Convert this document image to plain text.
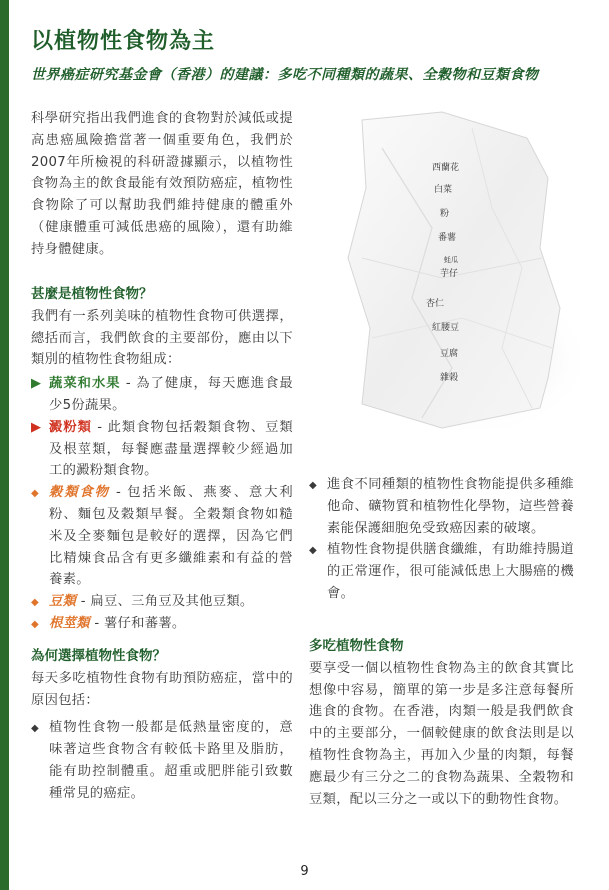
以植物性食物為主
世界癌症研究基金會（香港）的建議：多吃不同種類的蔬果、全穀物和豆類食物

科學研究指出我們進食的食物對於減低或提高患癌風險擔當著一個重要角色，我們於 2007年所檢視的科研證據顯示，以植物性食物為主的飲食最能有效預防癌症，植物性食物除了可以幫助我們維持健康的體重外（健康體重可減低患癌的風險），還有助維持身體健康。

甚麼是植物性食物？

我們有一系列美味的植物性食物可供選擇，總括而言，我們飲食的主要部份，應由以下類別的植物性食物組成：

▶ 蔬菜和水果 - 為了健康，每天應進食最少5份蔬果。
▶ 澱粉類 - 此類食物包括穀類食物、豆類及根莖類，每餐應盡量選擇較少經過加工的澱粉類食物。
◆ 穀類食物 - 包括米飯、燕麥、意大利粉、麵包及穀類早餐。全穀類食物如糙米及全麥麵包是較好的選擇，因為它們比精煉食品含有更多纖維素和有益的營養素。
◆ 豆類 - 扁豆、三角豆及其他豆類。
◆ 根莖類 - 薯仔和蕃薯。

為何選擇植物性食物？

每天多吃植物性食物有助預防癌症，當中的原因包括：

◆ 植物性食物一般都是低熱量密度的，意味著這些食物含有較低卡路里及脂肪，能有助控制體重。超重或肥胖能引致數種常見的癌症。
西蘭花
白菜
粉
番薯
蚝瓜
芋仔
杏仁
紅腰豆
豆腐
雜榖
◆ 進食不同種類的植物性食物能提供多種維他命、礦物質和植物性化學物，這些營養素能保護細胞免受致癌因素的破壞。
◆ 植物性食物提供膳食纖維，有助維持腸道的正常運作，很可能減低患上大腸癌的機會。

多吃植物性食物

要享受一個以植物性食物為主的飲食其實比想像中容易，簡單的第一步是多注意每餐所進食的食物。在香港，肉類一般是我們飲食中的主要部分，一個較健康的飲食法則是以植物性食物為主，再加入少量的肉類，每餐應最少有三分之二的食物為蔬果、全穀物和豆類，配以三分之一或以下的動物性食物。

9
